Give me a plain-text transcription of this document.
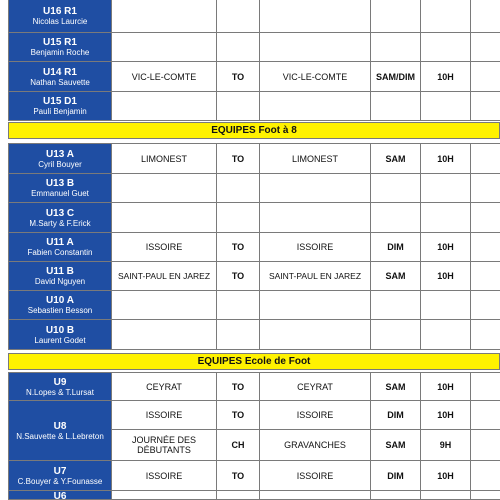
U16 R1
Nicolas Laurcie
U15 R1
Benjamin Roche
U14 R1
Nathan Sauvette
VIC-LE-COMTE	TO	VIC-LE-COMTE	SAM/DIM	10H
U15 D1
Pauli Benjamin
EQUIPES Foot à 8
U13 A
Cyril Bouyer
LIMONEST	TO	LIMONEST	SAM	10H
U13 B
Emmanuel Guet
U13 C
M.Sarty & F.Erick
U11 A
Fabien Constantin
ISSOIRE	TO	ISSOIRE	DIM	10H
U11 B
David Nguyen
SAINT-PAUL EN JAREZ	TO	SAINT-PAUL EN JAREZ	SAM	10H
U10 A
Sebastien Besson
U10 B
Laurent Godet
EQUIPES Ecole de Foot
U9
N.Lopes & T.Lursat
CEYRAT	TO	CEYRAT	SAM	10H
U8
N.Sauvette & L.Lebreton
ISSOIRE	TO	ISSOIRE	DIM	10H
JOURNÉE DES DÉBUTANTS	CH	GRAVANCHES	SAM	9H
U7
C.Bouyer & Y.Founasse
ISSOIRE	TO	ISSOIRE	DIM	10H
U6
